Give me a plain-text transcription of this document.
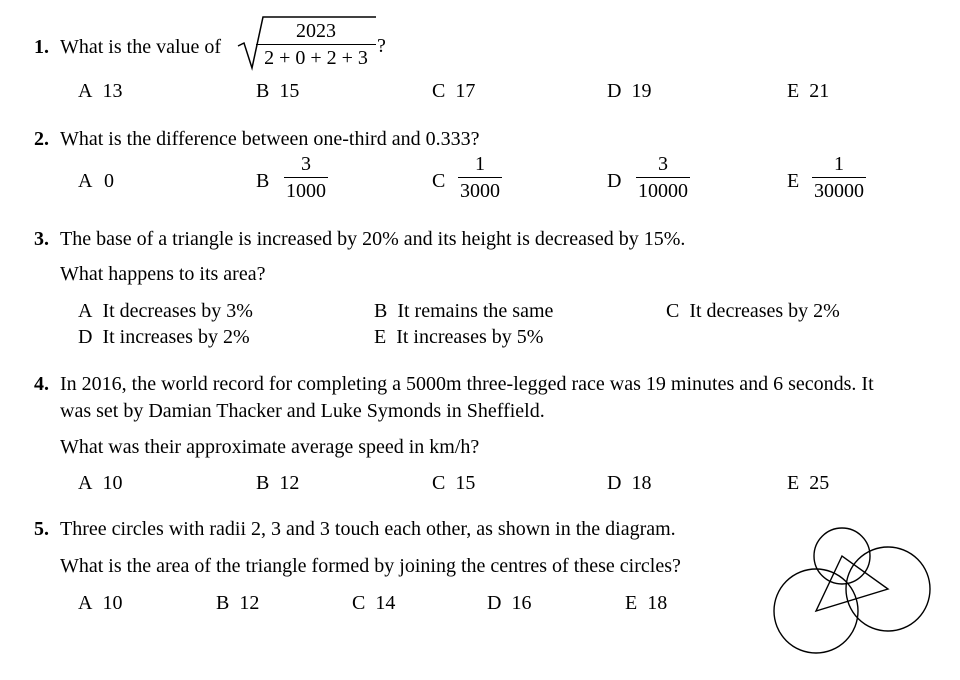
1. What is the value of $\frac{2023}{2 + 0 + 2 + 3}$ ?
A 13	B 15	C 17	D 19	E 21
2. What is the difference between one-third and 0.333?
A 0	B $\frac{3}{1000}$	C $\frac{1}{3000}$	D $\frac{3}{10000}$	E $\frac{1}{30000}$
3. The base of a triangle is increased by 20% and its height is decreased by 15%.
What happens to its area?
A It decreases by 3%	B It remains the same	C It decreases by 2%
D It increases by 2%	E It increases by 5%
4. In 2016, the world record for completing a 5000m three-legged race was 19 minutes and 6 seconds. It
was set by Damian Thacker and Luke Symonds in Sheffield.
What was their approximate average speed in km/h?
A 10	B 12	C 15	D 18	E 25
5. Three circles with radii 2, 3 and 3 touch each other, as shown in the diagram.
What is the area of the triangle formed by joining the centres of these circles?
A 10	B 12	C 14	D 16	E 18
